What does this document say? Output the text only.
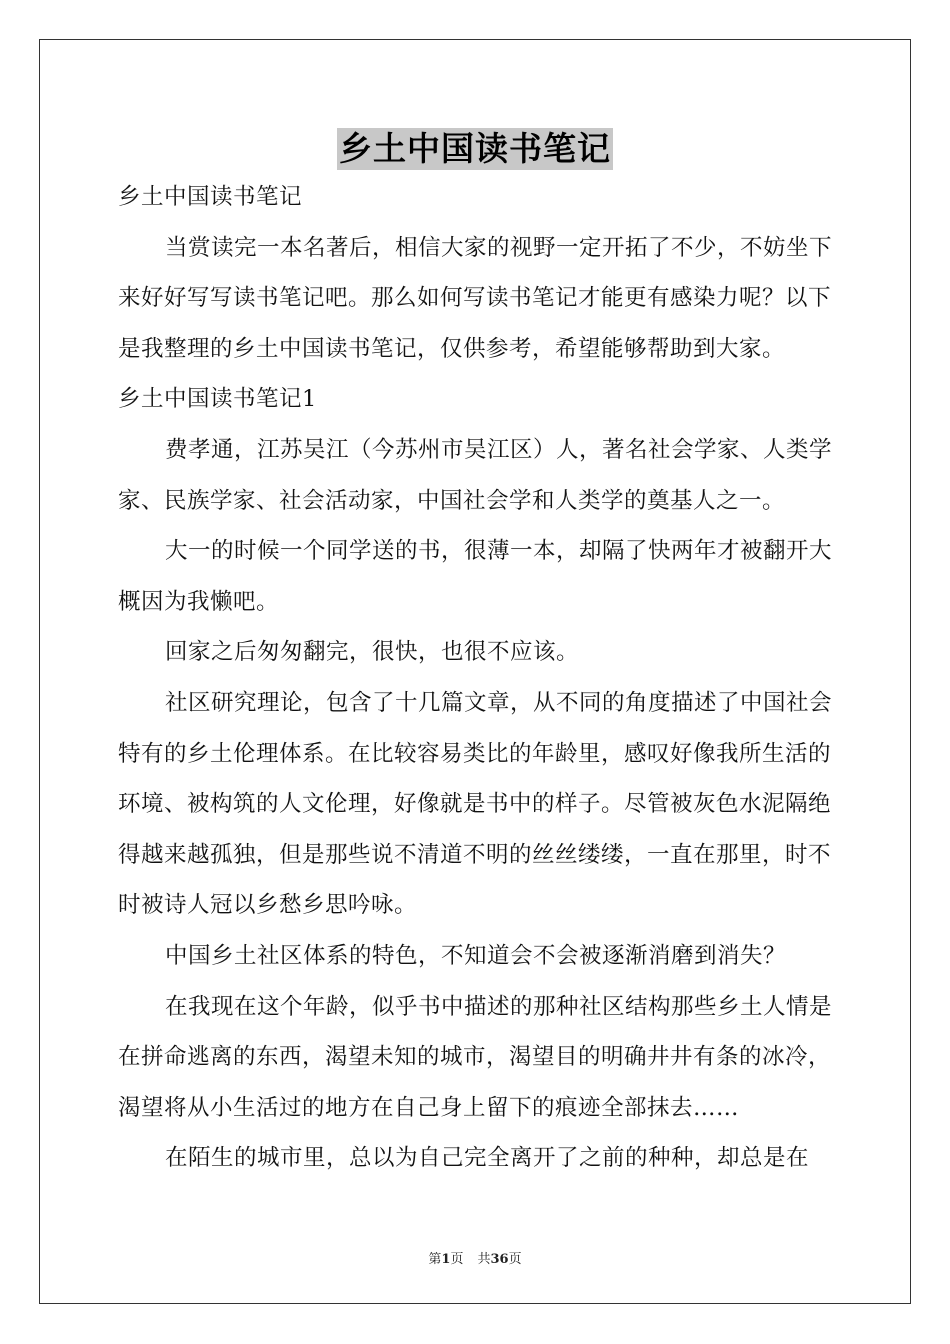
乡土中国读书笔记

乡土中国读书笔记

当赏读完一本名著后，相信大家的视野一定开拓了不少，不妨坐下来好好写写读书笔记吧。那么如何写读书笔记才能更有感染力呢？以下是我整理的乡土中国读书笔记，仅供参考，希望能够帮助到大家。

乡土中国读书笔记1

费孝通，江苏吴江（今苏州市吴江区）人，著名社会学家、人类学家、民族学家、社会活动家，中国社会学和人类学的奠基人之一。

大一的时候一个同学送的书，很薄一本，却隔了快两年才被翻开大概因为我懒吧。

回家之后匆匆翻完，很快，也很不应该。

社区研究理论，包含了十几篇文章，从不同的角度描述了中国社会特有的乡土伦理体系。在比较容易类比的年龄里，感叹好像我所生活的环境、被构筑的人文伦理，好像就是书中的样子。尽管被灰色水泥隔绝得越来越孤独，但是那些说不清道不明的丝丝缕缕，一直在那里，时不时被诗人冠以乡愁乡思吟咏。

中国乡土社区体系的特色，不知道会不会被逐渐消磨到消失？

在我现在这个年龄，似乎书中描述的那种社区结构那些乡土人情是在拼命逃离的东西，渴望未知的城市，渴望目的明确井井有条的冰冷，渴望将从小生活过的地方在自己身上留下的痕迹全部抹去……

在陌生的城市里，总以为自己完全离开了之前的种种，却总是在

第1页 共36页
